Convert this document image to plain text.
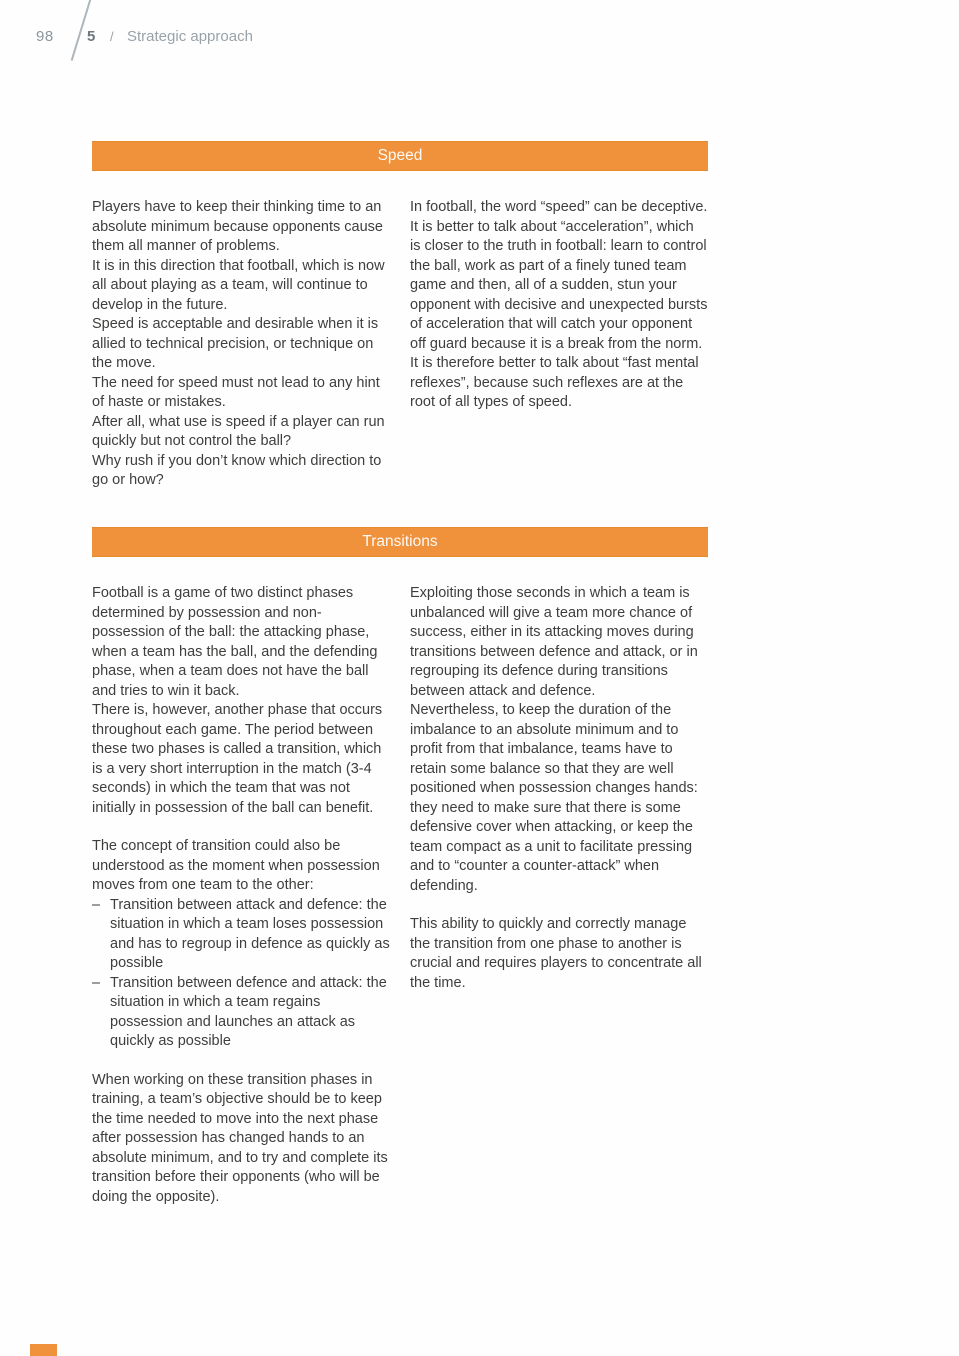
98 5 / Strategic approach
Speed

Players have to keep their thinking time to an absolute minimum because opponents cause them all manner of problems.

It is in this direction that football, which is now all about playing as a team, will continue to develop in the future.

Speed is acceptable and desirable when it is allied to technical precision, or technique on the move.

The need for speed must not lead to any hint of haste or mistakes.

After all, what use is speed if a player can run quickly but not control the ball?

Why rush if you don’t know which direction to go or how?

In football, the word “speed” can be deceptive.

It is better to talk about “acceleration”, which is closer to the truth in football: learn to control the ball, work as part of a finely tuned team game and then, all of a sudden, stun your opponent with decisive and unexpected bursts of acceleration that will catch your opponent off guard because it is a break from the norm.

It is therefore better to talk about “fast mental reflexes”, because such reflexes are at the root of all types of speed.

Transitions

Football is a game of two distinct phases determined by possession and non-possession of the ball: the attacking phase, when a team has the ball, and the defending phase, when a team does not have the ball and tries to win it back.

There is, however, another phase that occurs throughout each game. The period between these two phases is called a transition, which is a very short interruption in the match (3-4 seconds) in which the team that was not initially in possession of the ball can benefit.

The concept of transition could also be understood as the moment when possession moves from one team to the other:

– Transition between attack and defence: the situation in which a team loses possession and has to regroup in defence as quickly as possible
– Transition between defence and attack: the situation in which a team regains possession and launches an attack as quickly as possible

When working on these transition phases in training, a team’s objective should be to keep the time needed to move into the next phase after possession has changed hands to an absolute minimum, and to try and complete its transition before their opponents (who will be doing the opposite).

Exploiting those seconds in which a team is unbalanced will give a team more chance of success, either in its attacking moves during transitions between defence and attack, or in regrouping its defence during transitions between attack and defence.

Nevertheless, to keep the duration of the imbalance to an absolute minimum and to profit from that imbalance, teams have to retain some balance so that they are well positioned when possession changes hands: they need to make sure that there is some defensive cover when attacking, or keep the team compact as a unit to facilitate pressing and to “counter a counter-attack” when defending.

This ability to quickly and correctly manage the transition from one phase to another is crucial and requires players to concentrate all the time.
